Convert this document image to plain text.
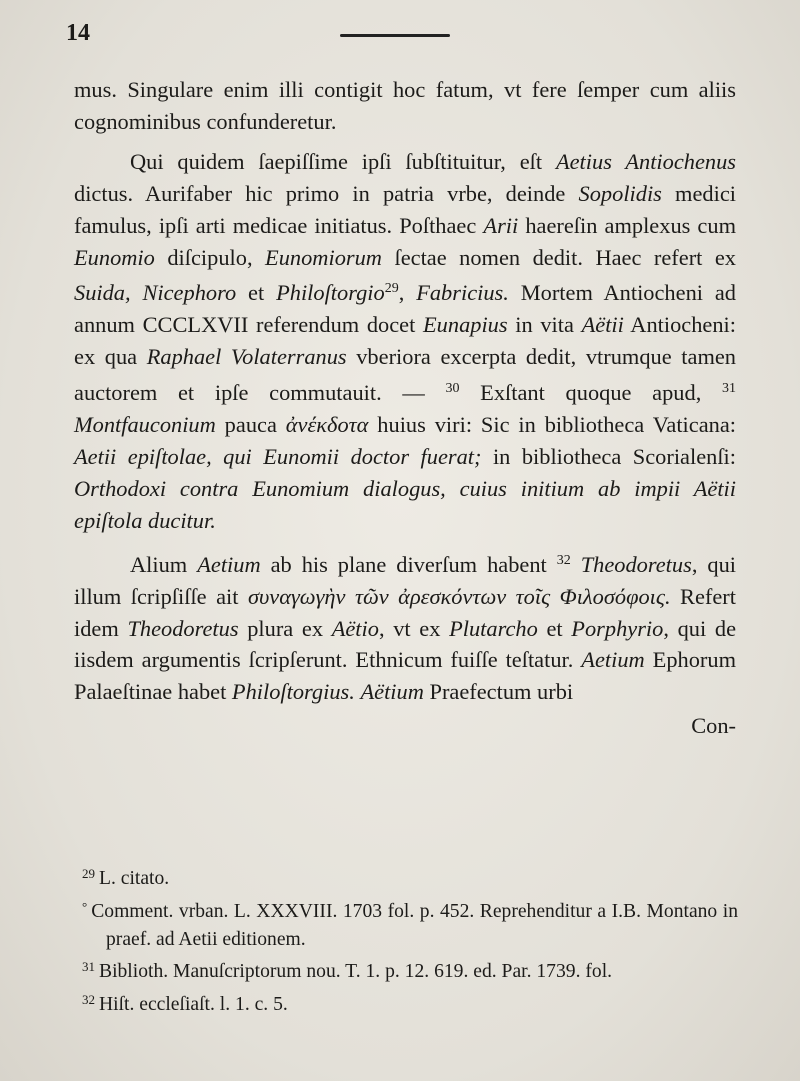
14

mus. Singulare enim illi contigit hoc fatum, vt fere ſemper cum aliis cognominibus confunderetur.

Qui quidem ſaepiſſime ipſi ſubſtituitur, eſt Aetius Antiochenus dictus. Aurifaber hic primo in patria vrbe, deinde Sopolidis medici famulus, ipſi arti medicae initiatus. Poſthaec Arii haereſin amplexus cum Eunomio diſcipulo, Eunomiorum ſectae nomen dedit. Haec refert ex Suida, Nicephoro et Philoſtorgio$^{29}$, Fabricius. Mortem Antiocheni ad annum CCCLXVII referendum docet Eunapius in vita Aëtii Antiocheni: ex qua Raphael Volaterranus vberiora excerpta dedit, vtrumque tamen auctorem et ipſe commutauit. — $^{30}$ Exſtant quoque apud, $^{31}$ Montfauconium pauca ἀνέκδοτα huius viri: Sic in bibliotheca Vaticana: Aetii epiſtolae, qui Eunomii doctor fuerat; in bibliotheca Scorialenſi: Orthodoxi contra Eunomium dialogus, cuius initium ab impii Aëtii epiſtola ducitur.

Alium Aetium ab his plane diverſum habent $^{32}$ Theodoretus, qui illum ſcripſiſſe ait συναγωγὴν τῶν ἀρεσκόντων τοῖς Φιλοσόφοις. Refert idem Theodoretus plura ex Aëtio, vt ex Plutarcho et Porphyrio, qui de iisdem argumentis ſcripſerunt. Ethnicum fuiſſe teſtatur. Aetium Ephorum Palaeſtinae habet Philoſtorgius. Aëtium Praefectum urbi

Con-

$^{29}$ L. citato.

° Comment. vrban. L. XXXVIII. 1703 fol. p. 452. Reprehenditur a I.B. Montano in praef. ad Aetii editionem.

$^{31}$ Biblioth. Manuſcriptorum nou. T. 1. p. 12. 619. ed. Par. 1739. fol.

$^{32}$ Hiſt. eccleſiaſt. l. 1. c. 5.
